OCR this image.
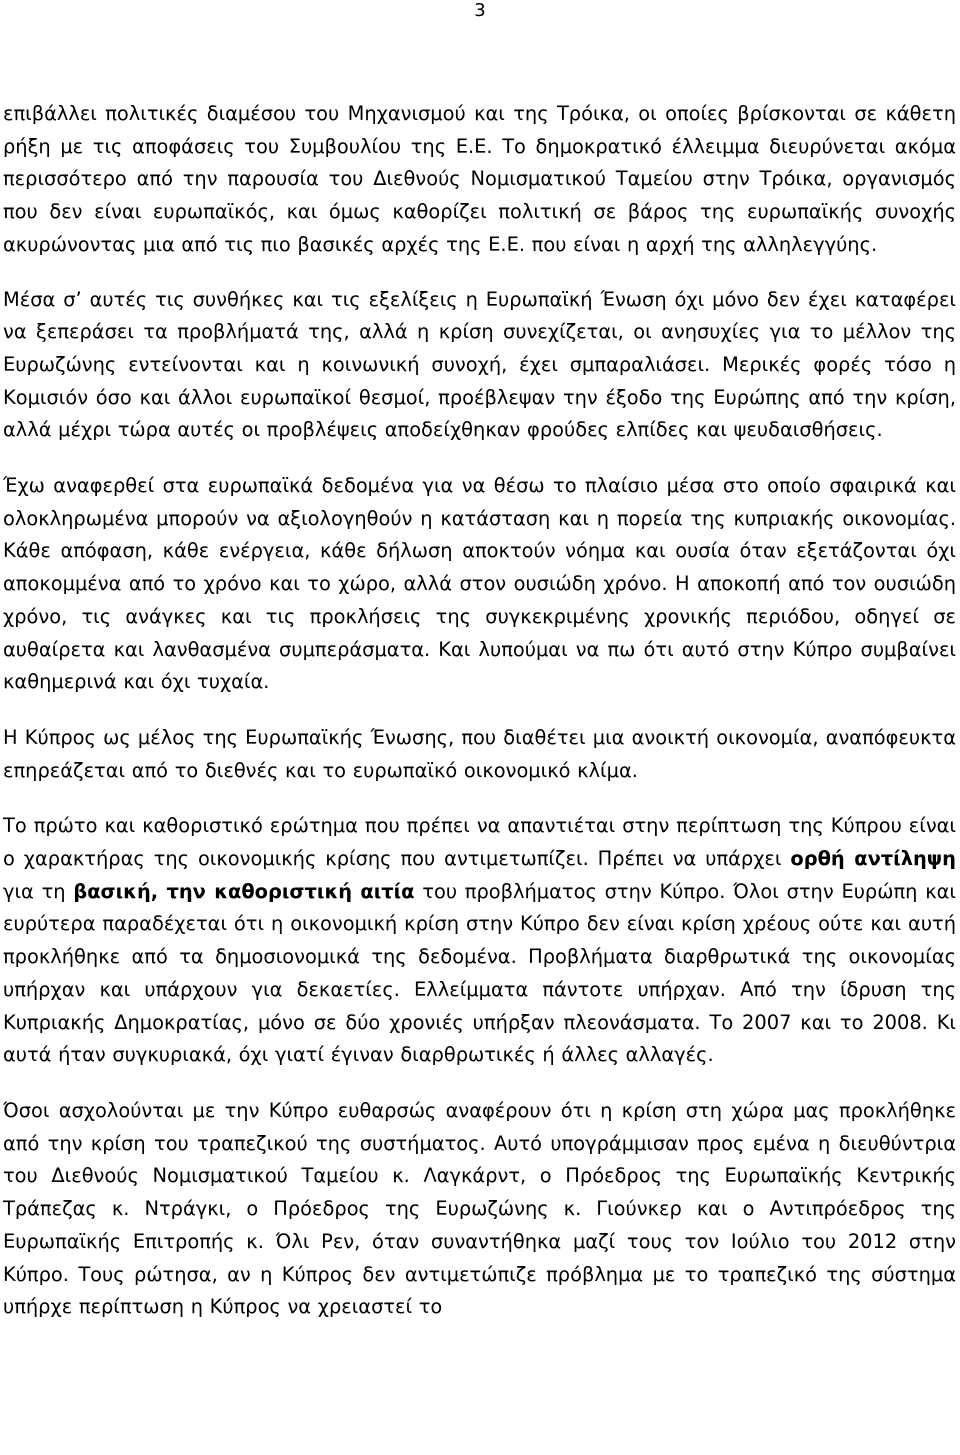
3

επιβάλλει πολιτικές διαμέσου του Μηχανισμού και της Τρόικα, οι οποίες βρίσκονται σε κάθετη ρήξη με τις αποφάσεις του Συμβουλίου της Ε.Ε. Το δημοκρατικό έλλειμμα διευρύνεται ακόμα περισσότερο από την παρουσία του Διεθνούς Νομισματικού Ταμείου στην Τρόικα, οργανισμός που δεν είναι ευρωπαϊκός, και όμως καθορίζει πολιτική σε βάρος της ευρωπαϊκής συνοχής ακυρώνοντας μια από τις πιο βασικές αρχές της Ε.Ε. που είναι η αρχή της αλληλεγγύης.

Μέσα σ’ αυτές τις συνθήκες και τις εξελίξεις η Ευρωπαϊκή Ένωση όχι μόνο δεν έχει καταφέρει να ξεπεράσει τα προβλήματά της, αλλά η κρίση συνεχίζεται, οι ανησυχίες για το μέλλον της Ευρωζώνης εντείνονται και η κοινωνική συνοχή, έχει σμπαραλιάσει. Μερικές φορές τόσο η Κομισιόν όσο και άλλοι ευρωπαϊκοί θεσμοί, προέβλεψαν την έξοδο της Ευρώπης από την κρίση, αλλά μέχρι τώρα αυτές οι προβλέψεις αποδείχθηκαν φρούδες ελπίδες και ψευδαισθήσεις.

Έχω αναφερθεί στα ευρωπαϊκά δεδομένα για να θέσω το πλαίσιο μέσα στο οποίο σφαιρικά και ολοκληρωμένα μπορούν να αξιολογηθούν η κατάσταση και η πορεία της κυπριακής οικονομίας. Κάθε απόφαση, κάθε ενέργεια, κάθε δήλωση αποκτούν νόημα και ουσία όταν εξετάζονται όχι αποκομμένα από το χρόνο και το χώρο, αλλά στον ουσιώδη χρόνο. Η αποκοπή από τον ουσιώδη χρόνο, τις ανάγκες και τις προκλήσεις της συγκεκριμένης χρονικής περιόδου, οδηγεί σε αυθαίρετα και λανθασμένα συμπεράσματα. Και λυπούμαι να πω ότι αυτό στην Κύπρο συμβαίνει καθημερινά και όχι τυχαία.

Η Κύπρος ως μέλος της Ευρωπαϊκής Ένωσης, που διαθέτει μια ανοικτή οικονομία, αναπόφευκτα επηρεάζεται από το διεθνές και το ευρωπαϊκό οικονομικό κλίμα.

Το πρώτο και καθοριστικό ερώτημα που πρέπει να απαντιέται στην περίπτωση της Κύπρου είναι ο χαρακτήρας της οικονομικής κρίσης που αντιμετωπίζει. Πρέπει να υπάρχει ορθή αντίληψη για τη βασική, την καθοριστική αιτία του προβλήματος στην Κύπρο. Όλοι στην Ευρώπη και ευρύτερα παραδέχεται ότι η οικονομική κρίση στην Κύπρο δεν είναι κρίση χρέους ούτε και αυτή προκλήθηκε από τα δημοσιονομικά της δεδομένα. Προβλήματα διαρθρωτικά της οικονομίας υπήρχαν και υπάρχουν για δεκαετίες. Ελλείμματα πάντοτε υπήρχαν. Από την ίδρυση της Κυπριακής Δημοκρατίας, μόνο σε δύο χρονιές υπήρξαν πλεονάσματα. Το 2007 και το 2008. Κι αυτά ήταν συγκυριακά, όχι γιατί έγιναν διαρθρωτικές ή άλλες αλλαγές.

Όσοι ασχολούνται με την Κύπρο ευθαρσώς αναφέρουν ότι η κρίση στη χώρα μας προκλήθηκε από την κρίση του τραπεζικού της συστήματος. Αυτό υπογράμμισαν προς εμένα η διευθύντρια του Διεθνούς Νομισματικού Ταμείου κ. Λαγκάρντ, ο Πρόεδρος της Ευρωπαϊκής Κεντρικής Τράπεζας κ. Ντράγκι, ο Πρόεδρος της Ευρωζώνης κ. Γιούνκερ και ο Αντιπρόεδρος της Ευρωπαϊκής Επιτροπής κ. Όλι Ρεν, όταν συναντήθηκα μαζί τους τον Ιούλιο του 2012 στην Κύπρο. Τους ρώτησα, αν η Κύπρος δεν αντιμετώπιζε πρόβλημα με το τραπεζικό της σύστημα υπήρχε περίπτωση η Κύπρος να χρειαστεί το
